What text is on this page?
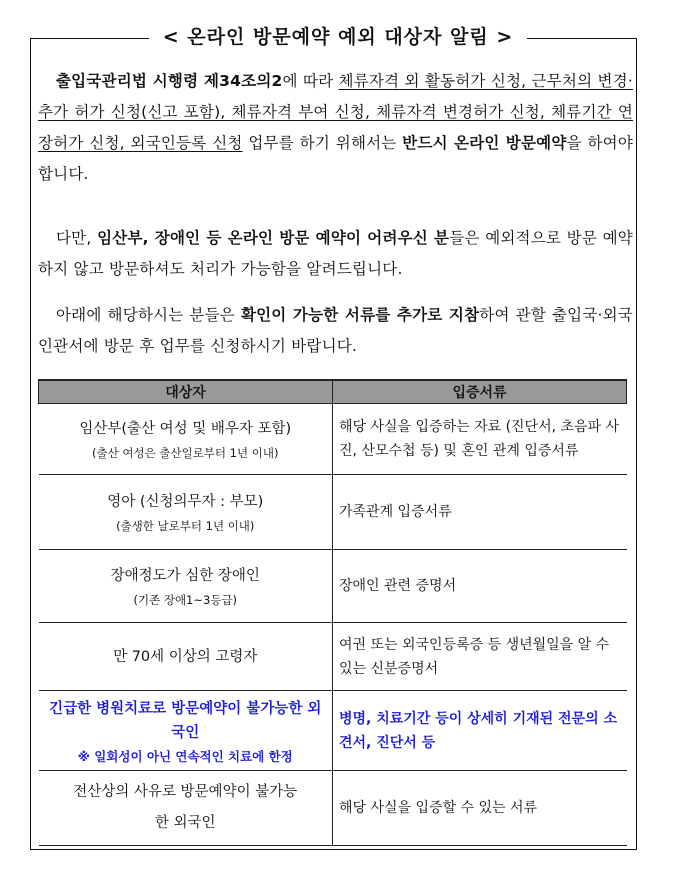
< 온라인 방문예약 예외 대상자 알림 >
출입국관리법 시행령 제34조의2에 따라 체류자격 외 활동허가 신청, 근무처의 변경·추가 허가 신청(신고 포함), 체류자격 부여 신청, 체류자격 변경허가 신청, 체류기간 연장허가 신청, 외국인등록 신청 업무를 하기 위해서는 반드시 온라인 방문예약을 하여야 합니다.
다만, 임산부, 장애인 등 온라인 방문 예약이 어려우신 분들은 예외적으로 방문 예약하지 않고 방문하셔도 처리가 가능함을 알려드립니다.
아래에 해당하시는 분들은 확인이 가능한 서류를 추가로 지참하여 관할 출입국·외국인관서에 방문 후 업무를 신청하시기 바랍니다.
대상자	입증서류

임산부(출산 여성 및 배우자 포함)
(출산 여성은 출산일로부터 1년 이내)	해당 사실을 입증하는 자료 (진단서, 초음파 사진, 산모수첩 등) 및 혼인 관계 입증서류

영아 (신청의무자 : 부모)
(출생한 날로부터 1년 이내)	가족관계 입증서류

장애정도가 심한 장애인
(기존 장애1~3등급)	장애인 관련 증명서

만 70세 이상의 고령자	여권 또는 외국인등록증 등 생년월일을 알 수 있는 신분증명서

긴급한 병원치료로 방문예약이 불가능한 외국인
※ 일회성이 아닌 연속적인 치료에 한정	병명, 치료기간 등이 상세히 기재된 전문의 소견서, 진단서 등

전산상의 사유로 방문예약이 불가능한 외국인	해당 사실을 입증할 수 있는 서류
